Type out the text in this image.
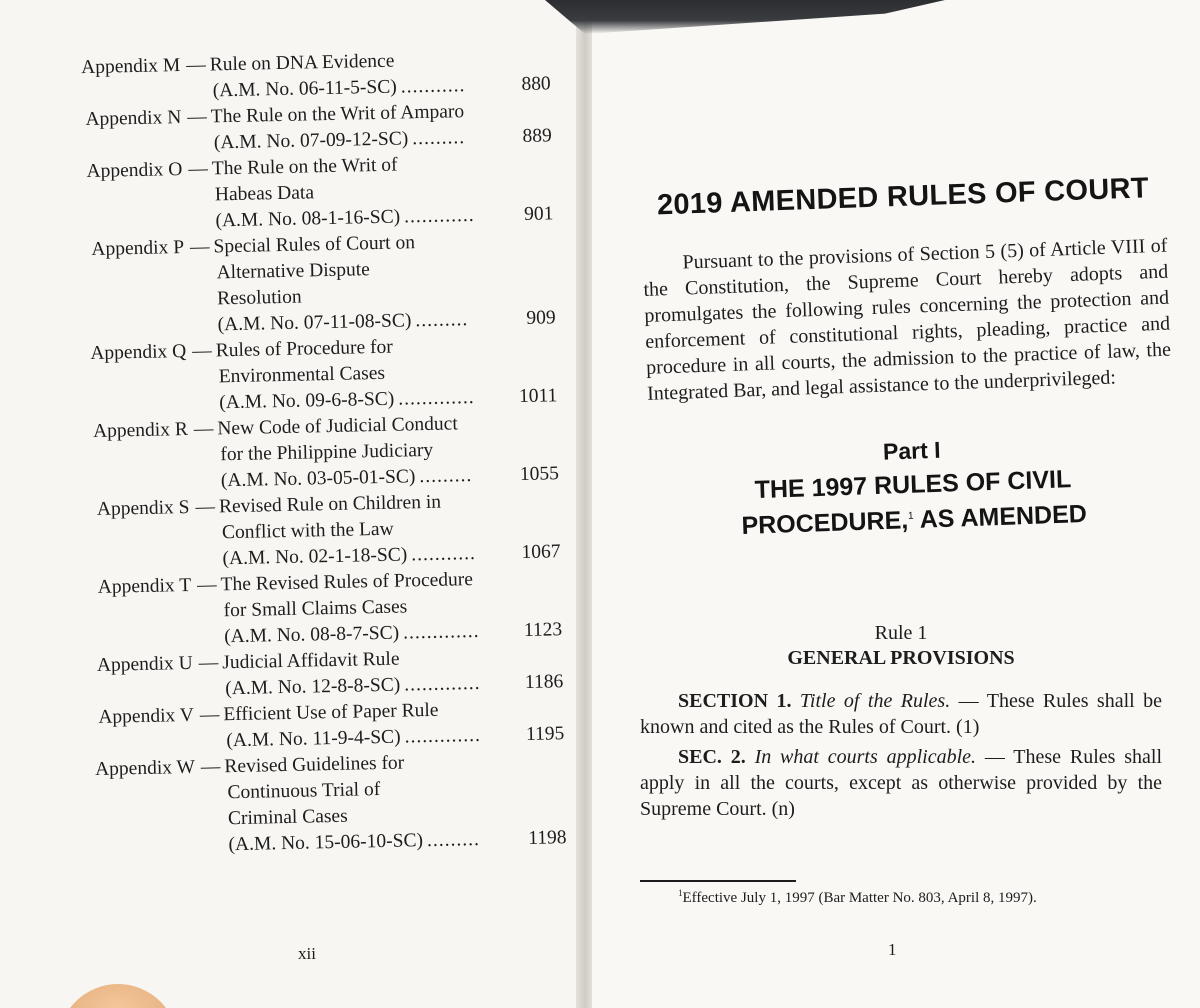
Appendix M — Rule on DNA Evidence
(A.M. No. 06-11-5-SC) ...........	880
Appendix N — The Rule on the Writ of Amparo
(A.M. No. 07-09-12-SC) .........	889
Appendix O — The Rule on the Writ of
Habeas Data
(A.M. No. 08-1-16-SC) ............	901
Appendix P — Special Rules of Court on
Alternative Dispute
Resolution
(A.M. No. 07-11-08-SC) .........	909
Appendix Q — Rules of Procedure for
Environmental Cases
(A.M. No. 09-6-8-SC) ............. 1011
Appendix R — New Code of Judicial Conduct
for the Philippine Judiciary
(A.M. No. 03-05-01-SC) ......... 1055
Appendix S — Revised Rule on Children in
Conflict with the Law
(A.M. No. 02-1-18-SC) ........... 1067
Appendix T — The Revised Rules of Procedure
for Small Claims Cases
(A.M. No. 08-8-7-SC) ............. 1123
Appendix U — Judicial Affidavit Rule
(A.M. No. 12-8-8-SC) ............. 1186
Appendix V — Efficient Use of Paper Rule
(A.M. No. 11-9-4-SC) ............. 1195
Appendix W — Revised Guidelines for
Continuous Trial of
Criminal Cases
(A.M. No. 15-06-10-SC) ......... 1198
xii
2019 AMENDED RULES OF COURT

Pursuant to the provisions of Section 5 (5) of Article VIII of the Constitution, the Supreme Court hereby adopts and promulgates the following rules concerning the protection and enforcement of constitutional rights, pleading, practice and procedure in all courts, the admission to the practice of law, the Integrated Bar, and legal assistance to the underprivileged:

Part I
THE 1997 RULES OF CIVIL
PROCEDURE,$^1$ AS AMENDED

Rule 1

GENERAL PROVISIONS

SECTION 1. Title of the Rules. — These Rules shall be known and cited as the Rules of Court. (1)

SEC. 2. In what courts applicable. — These Rules shall apply in all the courts, except as otherwise provided by the Supreme Court. (n)

$^1$Effective July 1, 1997 (Bar Matter No. 803, April 8, 1997).
1
